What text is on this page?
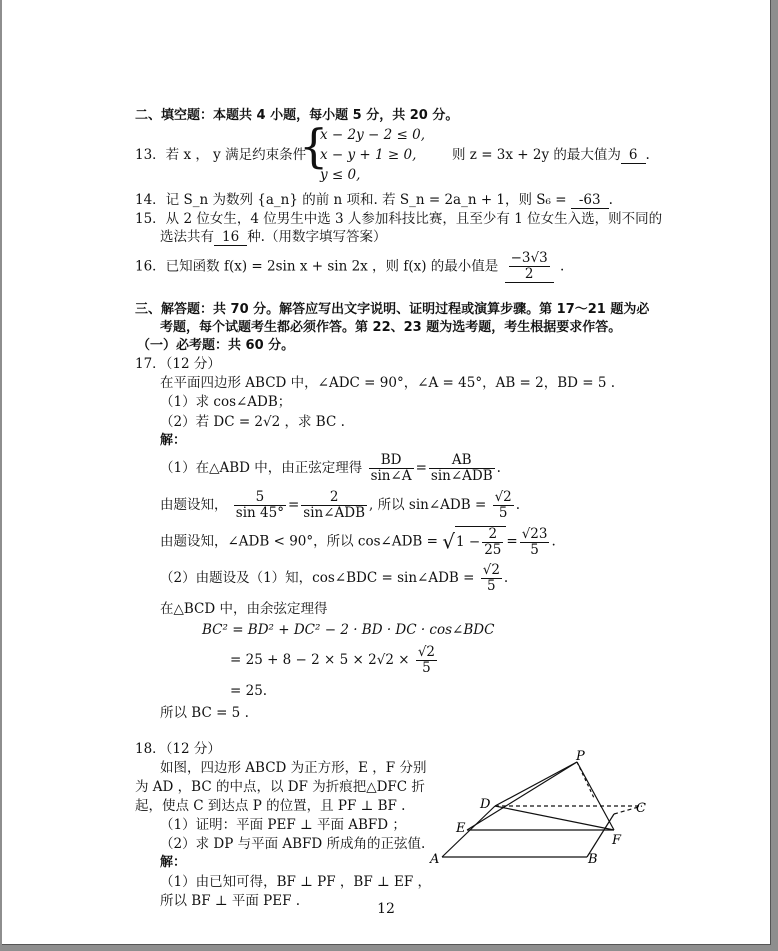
二、填空题：本题共 4 小题，每小题 5 分，共 20 分。
13．若 x ， y 满足约束条件
{
x − 2y − 2 ≤ 0,
x − y + 1 ≥ 0,
y ≤ 0,
则 z = 3x + 2y 的最大值为 6 .
14．记 S_n 为数列 {a_n} 的前 n 项和. 若 S_n = 2a_n + 1，则 S₆ = -63 .
15．从 2 位女生，4 位男生中选 3 人参加科技比赛，且至少有 1 位女生入选，则不同的
选法共有 16 种.（用数字填写答案）
16．已知函数 f(x) = 2sin x + sin 2x ，则 f(x) 的最小值是 $\frac{-3√3}{2}$ .
三、解答题：共 70 分。解答应写出文字说明、证明过程或演算步骤。第 17～21 题为必
考题，每个试题考生都必须作答。第 22、23 题为选考题，考生根据要求作答。
（一）必考题：共 60 分。
17．（12 分）
在平面四边形 ABCD 中，∠ADC = 90°，∠A = 45°，AB = 2，BD = 5 .
（1）求 cos∠ADB；
（2）若 DC = 2√2 ，求 BC .
解：
（1）在△ABD 中，由正弦定理得 $\frac{BD}{\sin\angle A} = \frac{AB}{\text{sin∠ADB}}$ .
由题设知， $\frac{5}{\sin 45^\circ} = \frac{2}{\text{sin∠ADB}}$ , 所以 sin∠ADB = $\frac{√2}{5}$ .
由题设知，∠ADB < 90°，所以 cos∠ADB = $√1 - \frac{2}{25} = \frac{√23}{5}$ .
（2）由题设及（1）知，cos∠BDC = sin∠ADB = $\frac{√2}{5}$ .
在△BCD 中，由余弦定理得
BC² = BD² + DC² − 2 · BD · DC · cos∠BDC
= $25 + 8 - 2 \times 5 \times 2√2 \times \frac{√2}{5}$
= 25.
所以 BC = 5 .
18．（12 分）
如图，四边形 ABCD 为正方形，E ，F 分别
为 AD ，BC 的中点，以 DF 为折痕把△DFC 折
起，使点 C 到达点 P 的位置，且 PF ⊥ BF .
（1）证明：平面 PEF ⊥ 平面 ABFD ；
（2）求 DP 与平面 ABFD 所成角的正弦值.
解：
（1）由已知可得，BF ⊥ PF ，BF ⊥ EF ，
所以 BF ⊥ 平面 PEF .
P
D	C
E
F
A	B
12
